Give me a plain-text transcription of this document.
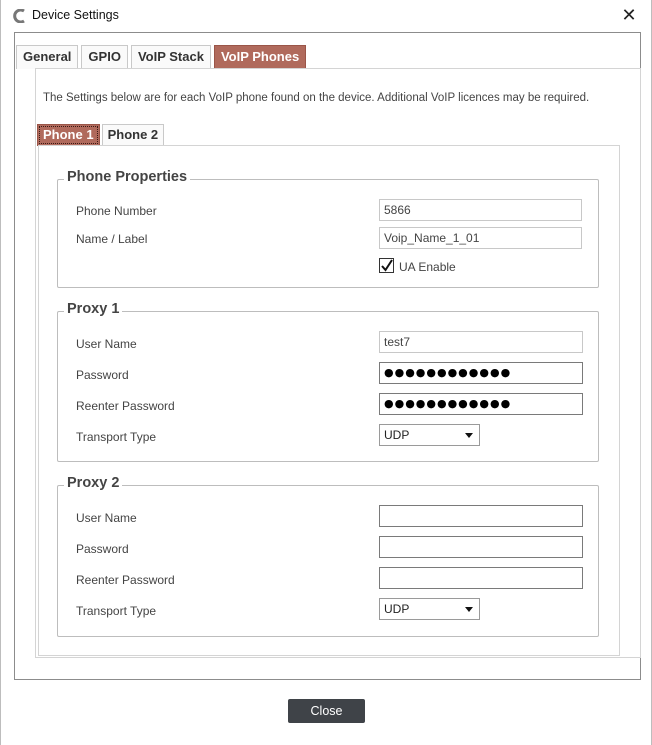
Device Settings	✕
General	GPIO	VoIP Stack	VoIP Phones
The Settings below are for each VoIP phone found on the device. Additional VoIP licences may be required.
Phone 1	Phone 2
Phone Properties
Phone Number	5866
Name / Label	Voip_Name_1_01
UA Enable
Proxy 1
User Name	test7
Password	●●●●●●●●●●●●
Reenter Password	●●●●●●●●●●●●
Transport Type	UDP
Proxy 2
User Name
Password
Reenter Password
Transport Type	UDP
Close
